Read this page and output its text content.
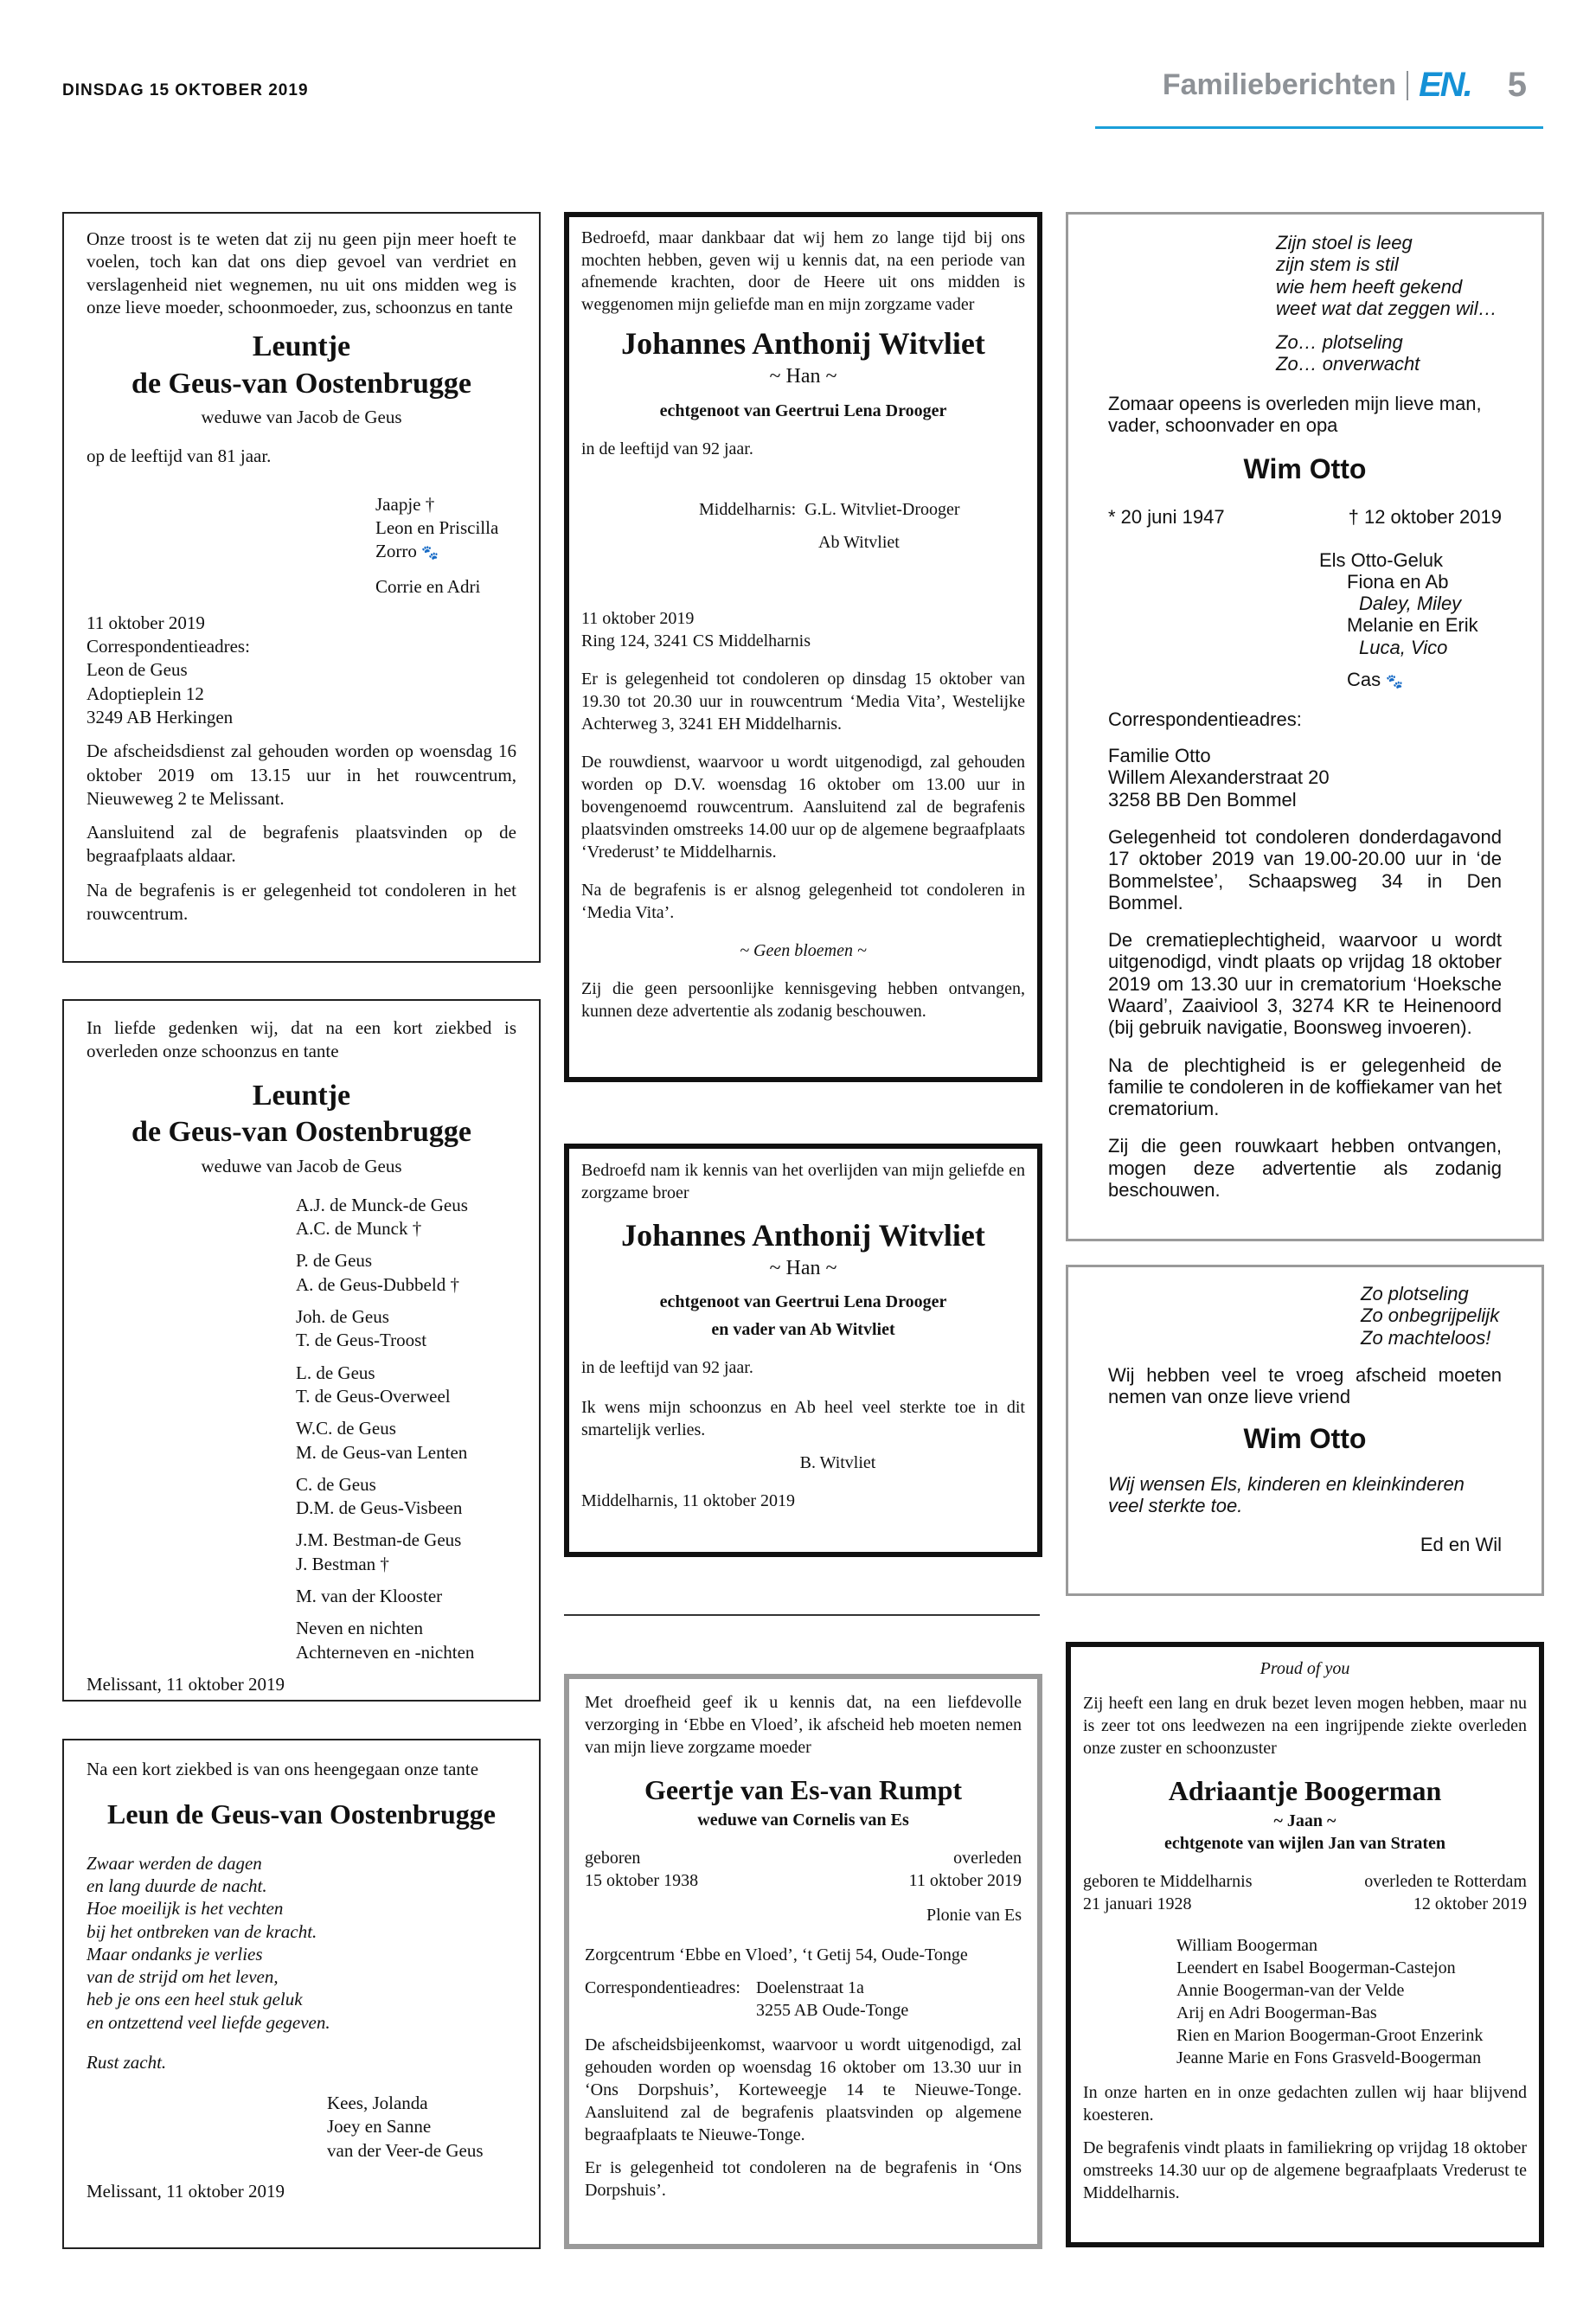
DINSDAG 15 OKTOBER 2019	Familieberichten EN. 5

Onze troost is te weten dat zij nu geen pijn meer hoeft te voelen, toch kan dat ons diep gevoel van verdriet en verslagenheid niet wegnemen, nu uit ons midden weg is onze lieve moeder, schoonmoeder, zus, schoonzus en tante

Leuntje
de Geus-van Oostenbrugge
weduwe van Jacob de Geus
op de leeftijd van 81 jaar.
Jaapje †
Leon en Priscilla
Zorro 🐾
Corrie en Adri
11 oktober 2019
Correspondentieadres:
Leon de Geus
Adoptieplein 12
3249 AB Herkingen

De afscheidsdienst zal gehouden worden op woensdag 16 oktober 2019 om 13.15 uur in het rouwcentrum, Nieuweweg 2 te Melissant.

Aansluitend zal de begrafenis plaatsvinden op de begraafplaats aldaar.

Na de begrafenis is er gelegenheid tot condoleren in het rouwcentrum.

In liefde gedenken wij, dat na een kort ziekbed is overleden onze schoonzus en tante

Leuntje
de Geus-van Oostenbrugge
weduwe van Jacob de Geus
A.J. de Munck-de Geus
A.C. de Munck †
P. de Geus
A. de Geus-Dubbeld †
Joh. de Geus
T. de Geus-Troost
L. de Geus
T. de Geus-Overweel
W.C. de Geus
M. de Geus-van Lenten
C. de Geus
D.M. de Geus-Visbeen
J.M. Bestman-de Geus
J. Bestman †
M. van der Klooster
Neven en nichten
Achterneven en -nichten
Melissant, 11 oktober 2019

Na een kort ziekbed is van ons heengegaan onze tante

Leun de Geus-van Oostenbrugge
Zwaar werden de dagen
en lang duurde de nacht.
Hoe moeilijk is het vechten
bij het ontbreken van de kracht.
Maar ondanks je verlies
van de strijd om het leven,
heb je ons een heel stuk geluk
en ontzettend veel liefde gegeven.
Rust zacht.
Kees, Jolanda
Joey en Sanne
van der Veer-de Geus
Melissant, 11 oktober 2019

Bedroefd, maar dankbaar dat wij hem zo lange tijd bij ons mochten hebben, geven wij u kennis dat, na een periode van afnemende krachten, door de Heere uit ons midden is weggenomen mijn geliefde man en mijn zorgzame vader

Johannes Anthonij Witvliet
~ Han ~
echtgenoot van Geertrui Lena Drooger
in de leeftijd van 92 jaar.
Middelharnis: G.L. Witvliet-Drooger
Ab Witvliet
11 oktober 2019
Ring 124, 3241 CS Middelharnis

Er is gelegenheid tot condoleren op dinsdag 15 oktober van 19.30 tot 20.30 uur in rouwcentrum ‘Media Vita’, Westelijke Achterweg 3, 3241 EH Middelharnis.

De rouwdienst, waarvoor u wordt uitgenodigd, zal gehouden worden op D.V. woensdag 16 oktober om 13.00 uur in bovengenoemd rouwcentrum. Aansluitend zal de begrafenis plaatsvinden omstreeks 14.00 uur op de algemene begraafplaats ‘Vrederust’ te Middelharnis.

Na de begrafenis is er alsnog gelegenheid tot condoleren in ‘Media Vita’.

~ Geen bloemen ~

Zij die geen persoonlijke kennisgeving hebben ontvangen, kunnen deze advertentie als zodanig beschouwen.

Bedroefd nam ik kennis van het overlijden van mijn geliefde en zorgzame broer

Johannes Anthonij Witvliet
~ Han ~
echtgenoot van Geertrui Lena Drooger
en vader van Ab Witvliet
in de leeftijd van 92 jaar.

Ik wens mijn schoonzus en Ab heel veel sterkte toe in dit smartelijk verlies.

B. Witvliet
Middelharnis, 11 oktober 2019

Met droefheid geef ik u kennis dat, na een liefdevolle verzorging in ‘Ebbe en Vloed’, ik afscheid heb moeten nemen van mijn lieve zorgzame moeder

Geertje van Es-van Rumpt
weduwe van Cornelis van Es
geboren
15 oktober 1938
overleden
11 oktober 2019
Plonie van Es

Zorgcentrum ‘Ebbe en Vloed’, ‘t Getij 54, Oude-Tonge

Correspondentieadres: Doelenstraat 1a
3255 AB Oude-Tonge

De afscheidsbijeenkomst, waarvoor u wordt uitgenodigd, zal gehouden worden op woensdag 16 oktober om 13.30 uur in ‘Ons Dorpshuis’, Korteweegje 14 te Nieuwe-Tonge. Aansluitend zal de begrafenis plaatsvinden op algemene begraafplaats te Nieuwe-Tonge.

Er is gelegenheid tot condoleren na de begrafenis in ‘Ons Dorpshuis’.

Zijn stoel is leeg
zijn stem is stil
wie hem heeft gekend
weet wat dat zeggen wil…
Zo… plotseling
Zo… onverwacht

Zomaar opeens is overleden mijn lieve man, vader, schoonvader en opa

Wim Otto
* 20 juni 1947	† 12 oktober 2019
Els Otto-Geluk
Fiona en Ab
Daley, Miley
Melanie en Erik
Luca, Vico
Cas 🐾
Correspondentieadres:
Familie Otto
Willem Alexanderstraat 20
3258 BB Den Bommel

Gelegenheid tot condoleren donderdagavond 17 oktober 2019 van 19.00-20.00 uur in ‘de Bommelstee’, Schaapsweg 34 in Den Bommel.

De crematieplechtigheid, waarvoor u wordt uitgenodigd, vindt plaats op vrijdag 18 oktober 2019 om 13.30 uur in crematorium ‘Hoeksche Waard’, Zaaiviool 3, 3274 KR te Heinenoord (bij gebruik navigatie, Boonsweg invoeren).

Na de plechtigheid is er gelegenheid de familie te condoleren in de koffiekamer van het crematorium.

Zij die geen rouwkaart hebben ontvangen, mogen deze advertentie als zodanig beschouwen.

Zo plotseling
Zo onbegrijpelijk
Zo machteloos!

Wij hebben veel te vroeg afscheid moeten nemen van onze lieve vriend

Wim Otto

Wij wensen Els, kinderen en kleinkinderen veel sterkte toe.

Ed en Wil
Proud of you

Zij heeft een lang en druk bezet leven mogen hebben, maar nu is zeer tot ons leedwezen na een ingrijpende ziekte overleden onze zuster en schoonzuster

Adriaantje Boogerman
~ Jaan ~
echtgenote van wijlen Jan van Straten
geboren te Middelharnis
21 januari 1928
overleden te Rotterdam
12 oktober 2019
William Boogerman
Leendert en Isabel Boogerman-Castejon
Annie Boogerman-van der Velde
Arij en Adri Boogerman-Bas
Rien en Marion Boogerman-Groot Enzerink
Jeanne Marie en Fons Grasveld-Boogerman

In onze harten en in onze gedachten zullen wij haar blijvend koesteren.

De begrafenis vindt plaats in familiekring op vrijdag 18 oktober omstreeks 14.30 uur op de algemene begraafplaats Vrederust te Middelharnis.
